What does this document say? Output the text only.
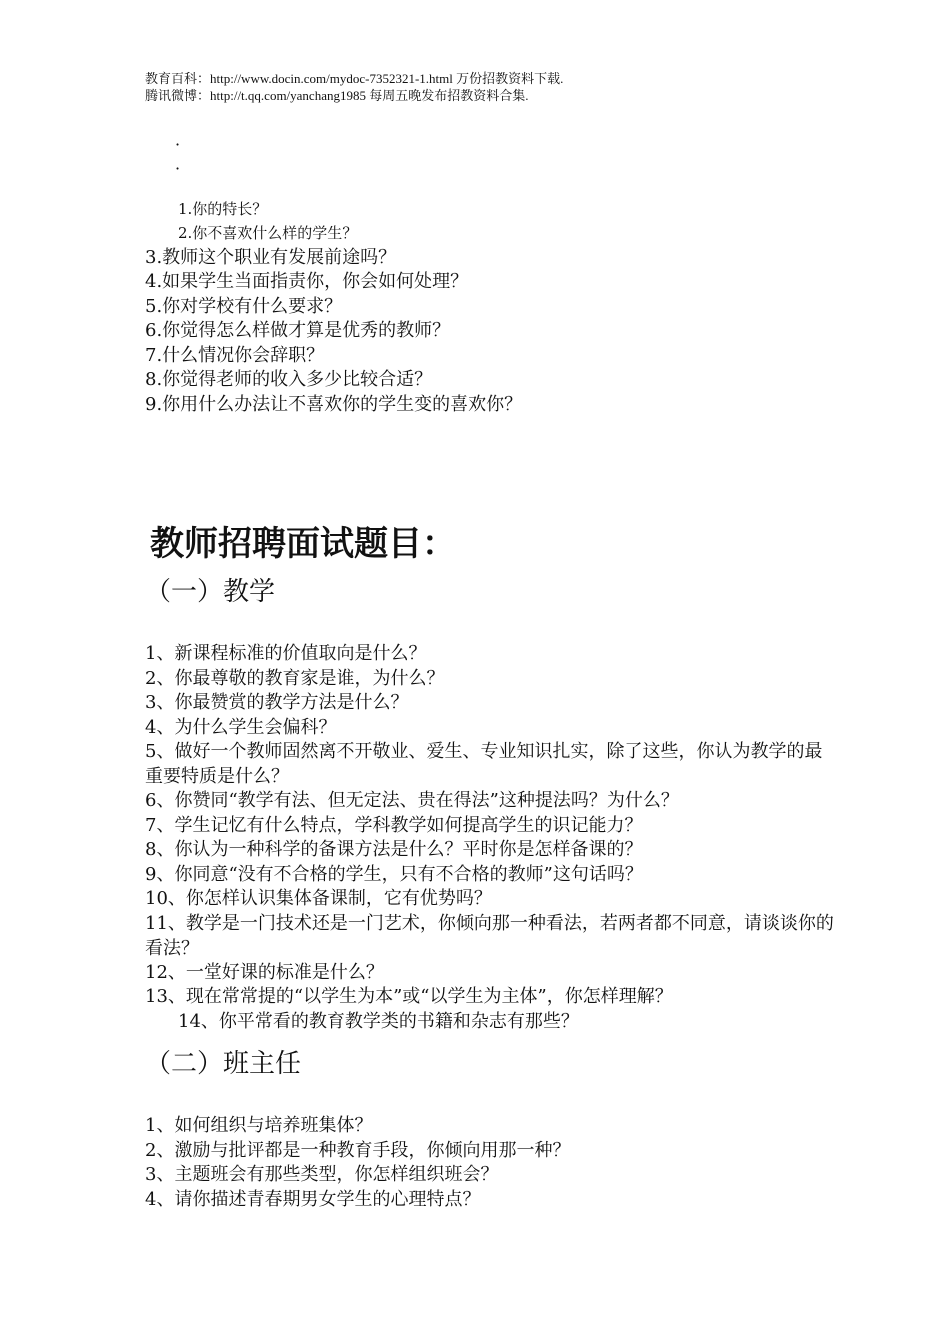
教育百科：http://www.docin.com/mydoc-7352321-1.html 万份招教资料下载.
腾讯微博：http://t.qq.com/yanchang1985 每周五晚发布招教资料合集.
·
·
1.你的特长？
2.你不喜欢什么样的学生？
3.教师这个职业有发展前途吗？
4.如果学生当面指责你，你会如何处理？
5.你对学校有什么要求？
6.你觉得怎么样做才算是优秀的教师？
7.什么情况你会辞职？
8.你觉得老师的收入多少比较合适？
9.你用什么办法让不喜欢你的学生变的喜欢你？
教师招聘面试题目：
（一）教学
1、新课程标准的价值取向是什么？
2、你最尊敬的教育家是谁，为什么？
3、你最赞赏的教学方法是什么？
4、为什么学生会偏科？
5、做好一个教师固然离不开敬业、爱生、专业知识扎实，除了这些，你认为教学的最重要特质是什么？
6、你赞同“教学有法、但无定法、贵在得法”这种提法吗？为什么？
7、学生记忆有什么特点，学科教学如何提高学生的识记能力？
8、你认为一种科学的备课方法是什么？平时你是怎样备课的？
9、你同意“没有不合格的学生，只有不合格的教师”这句话吗？
10、你怎样认识集体备课制，它有优势吗？
11、教学是一门技术还是一门艺术，你倾向那一种看法，若两者都不同意，请谈谈你的看法？
12、一堂好课的标准是什么？
13、现在常常提的“以学生为本”或“以学生为主体”，你怎样理解？
14、你平常看的教育教学类的书籍和杂志有那些？
（二）班主任
1、如何组织与培养班集体？
2、激励与批评都是一种教育手段，你倾向用那一种？
3、主题班会有那些类型，你怎样组织班会？
4、请你描述青春期男女学生的心理特点？
